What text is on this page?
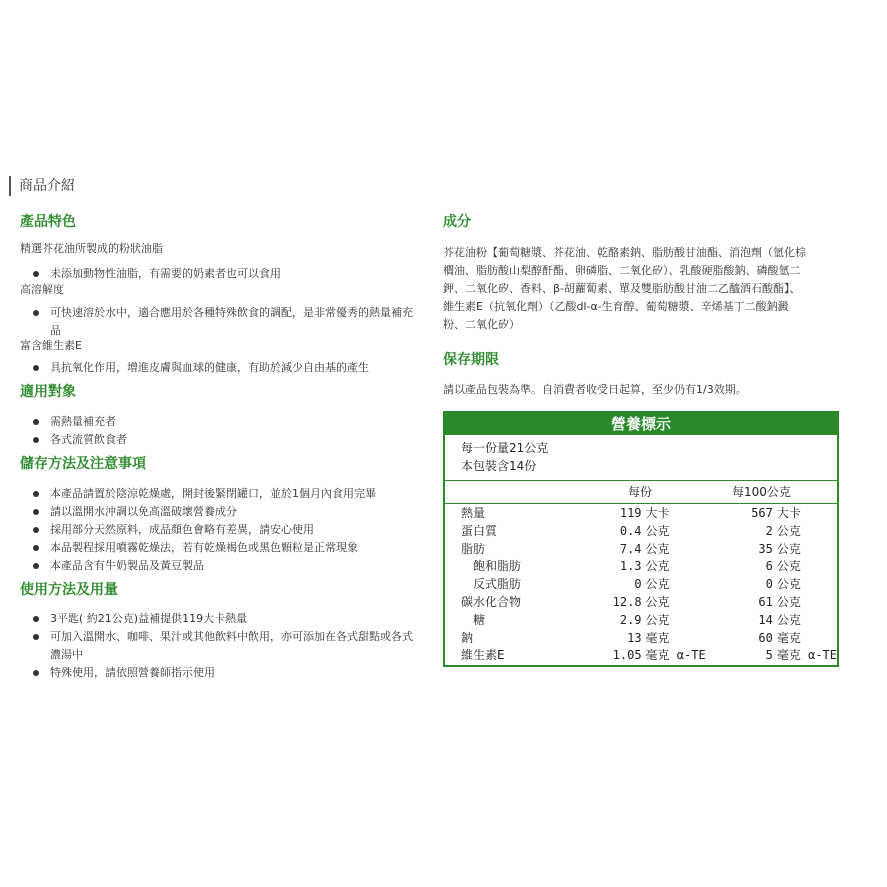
商品介紹
產品特色
精選芥花油所製成的粉狀油脂
未添加動物性油脂，有需要的奶素者也可以食用
高溶解度
可快速溶於水中，適合應用於各種特殊飲食的調配，是非常優秀的熱量補充品
富含維生素E
具抗氧化作用，增進皮膚與血球的健康，有助於減少自由基的產生
適用對象
需熱量補充者
各式流質飲食者
儲存方法及注意事項
本產品請置於陰涼乾燥處，開封後緊閉罐口，並於1個月內食用完畢
請以溫開水沖調以免高溫破壞營養成分
採用部分天然原料，成品顏色會略有差異，請安心使用
本品製程採用噴霧乾燥法，若有乾燥褐色或黑色顆粒是正常現象
本產品含有牛奶製品及黃豆製品
使用方法及用量
3平匙( 約21公克)益補提供119大卡熱量
可加入溫開水、咖啡、果汁或其他飲料中飲用，亦可添加在各式甜點或各式濃湯中
特殊使用，請依照營養師指示使用
成分
芥花油粉【葡萄糖漿、芥花油、乾酪素鈉、脂肪酸甘油酯、消泡劑（氫化棕
櫚油、脂肪酸山梨醇酐酯、卵磷脂、二氧化矽）、乳酸硬脂酸鈉、磷酸氫二
鉀、二氧化矽、香料、β-胡蘿蔔素、單及雙脂肪酸甘油二乙醯酒石酸酯】、
維生素E（抗氧化劑）（乙酸dl-α-生育醇、葡萄糖漿、辛烯基丁二酸鈉澱
粉、二氧化矽）
保存期限
請以產品包裝為準。自消費者收受日起算，至少仍有1/3效期。
營養標示
每一份量21公克
本包裝含14份
每份	每100公克
熱量	119	大卡	567	大卡
蛋白質	0.4	公克	2	公克
脂肪	7.4	公克	35	公克
　飽和脂肪	1.3	公克	6	公克
　反式脂肪	0	公克	0	公克
碳水化合物	12.8	公克	61	公克
　糖	2.9	公克	14	公克
鈉	13	毫克	60	毫克
維生素E	1.05	毫克 α-TE	5	毫克 α-TE
